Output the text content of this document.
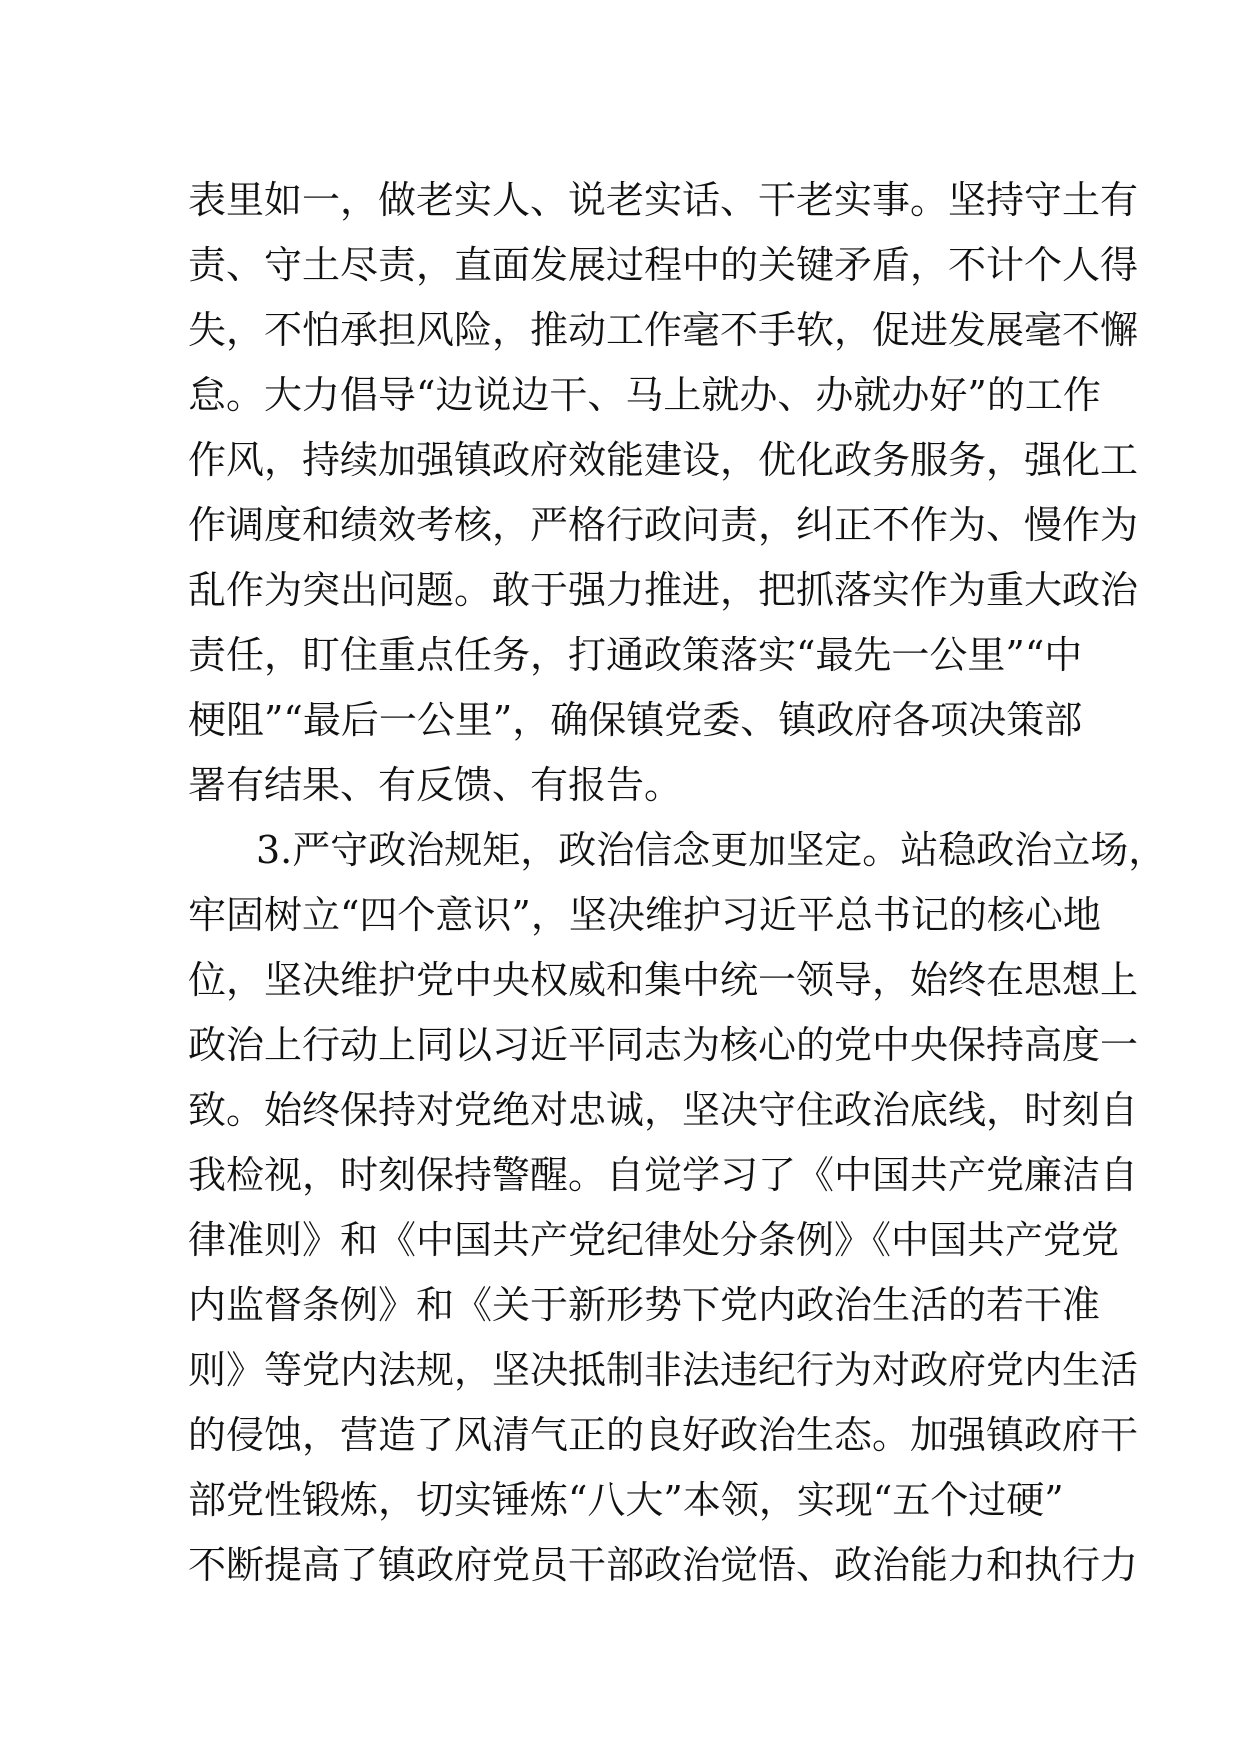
表里如一，做老实人、说老实话、干老实事。坚持守土有
责、守土尽责，直面发展过程中的关键矛盾，不计个人得
失，不怕承担风险，推动工作毫不手软，促进发展毫不懈
怠。大力倡导“边说边干、马上就办、办就办好”的工作
作风，持续加强镇政府效能建设，优化政务服务，强化工
作调度和绩效考核，严格行政问责，纠正不作为、慢作为
乱作为突出问题。敢于强力推进，把抓落实作为重大政治
责任，盯住重点任务，打通政策落实“最先一公里”“中
梗阻”“最后一公里”，确保镇党委、镇政府各项决策部
署有结果、有反馈、有报告。
3.严守政治规矩，政治信念更加坚定。站稳政治立场，
牢固树立“四个意识”，坚决维护习近平总书记的核心地
位，坚决维护党中央权威和集中统一领导，始终在思想上
政治上行动上同以习近平同志为核心的党中央保持高度一
致。始终保持对党绝对忠诚，坚决守住政治底线，时刻自
我检视，时刻保持警醒。自觉学习了《中国共产党廉洁自
律准则》和《中国共产党纪律处分条例》《中国共产党党
内监督条例》和《关于新形势下党内政治生活的若干准
则》等党内法规，坚决抵制非法违纪行为对政府党内生活
的侵蚀，营造了风清气正的良好政治生态。加强镇政府干
部党性锻炼，切实锤炼“八大”本领，实现“五个过硬”
不断提高了镇政府党员干部政治觉悟、政治能力和执行力
